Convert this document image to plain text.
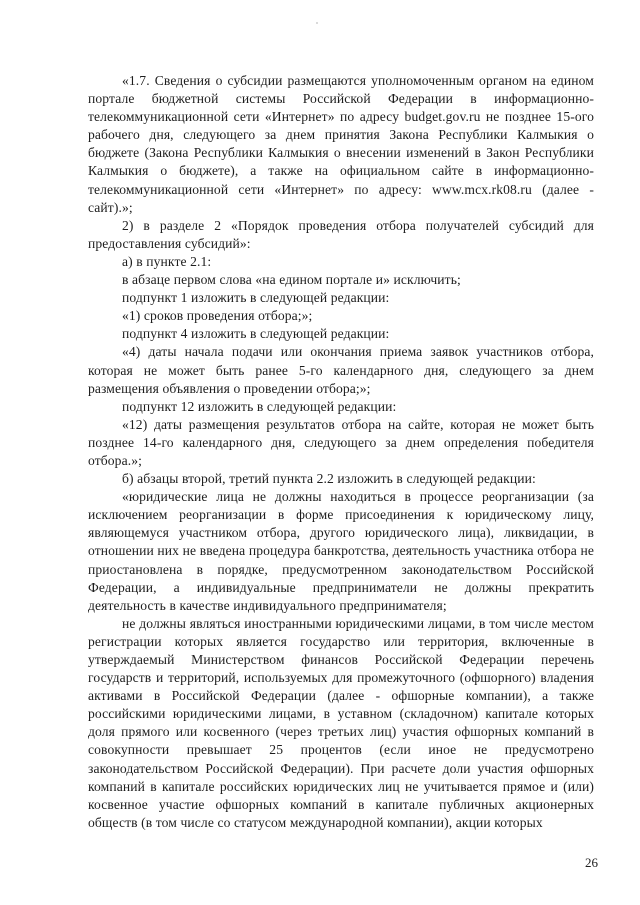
«1.7. Сведения о субсидии размещаются уполномоченным органом на едином портале бюджетной системы Российской Федерации в информационно-телекоммуникационной сети «Интернет» по адресу budget.gov.ru не позднее 15-ого рабочего дня, следующего за днем принятия Закона Республики Калмыкия о бюджете (Закона Республики Калмыкия о внесении изменений в Закон Республики Калмыкия о бюджете), а также на официальном сайте в информационно-телекоммуникационной сети «Интернет» по адресу: www.mcx.rk08.ru (далее - сайт).»;

2) в разделе 2 «Порядок проведения отбора получателей субсидий для предоставления субсидий»:

а) в пункте 2.1:

в абзаце первом слова «на едином портале и» исключить;

подпункт 1 изложить в следующей редакции:

«1) сроков проведения отбора;»;

подпункт 4 изложить в следующей редакции:

«4) даты начала подачи или окончания приема заявок участников отбора, которая не может быть ранее 5-го календарного дня, следующего за днем размещения объявления о проведении отбора;»;

подпункт 12 изложить в следующей редакции:

«12) даты размещения результатов отбора на сайте, которая не может быть позднее 14-го календарного дня, следующего за днем определения победителя отбора.»;

б) абзацы второй, третий пункта 2.2 изложить в следующей редакции:

«юридические лица не должны находиться в процессе реорганизации (за исключением реорганизации в форме присоединения к юридическому лицу, являющемуся участником отбора, другого юридического лица), ликвидации, в отношении них не введена процедура банкротства, деятельность участника отбора не приостановлена в порядке, предусмотренном законодательством Российской Федерации, а индивидуальные предприниматели не должны прекратить деятельность в качестве индивидуального предпринимателя;

не должны являться иностранными юридическими лицами, в том числе местом регистрации которых является государство или территория, включенные в утверждаемый Министерством финансов Российской Федерации перечень государств и территорий, используемых для промежуточного (офшорного) владения активами в Российской Федерации (далее - офшорные компании), а также российскими юридическими лицами, в уставном (складочном) капитале которых доля прямого или косвенного (через третьих лиц) участия офшорных компаний в совокупности превышает 25 процентов (если иное не предусмотрено законодательством Российской Федерации). При расчете доли участия офшорных компаний в капитале российских юридических лиц не учитывается прямое и (или) косвенное участие офшорных компаний в капитале публичных акционерных обществ (в том числе со статусом международной компании), акции которых

26
